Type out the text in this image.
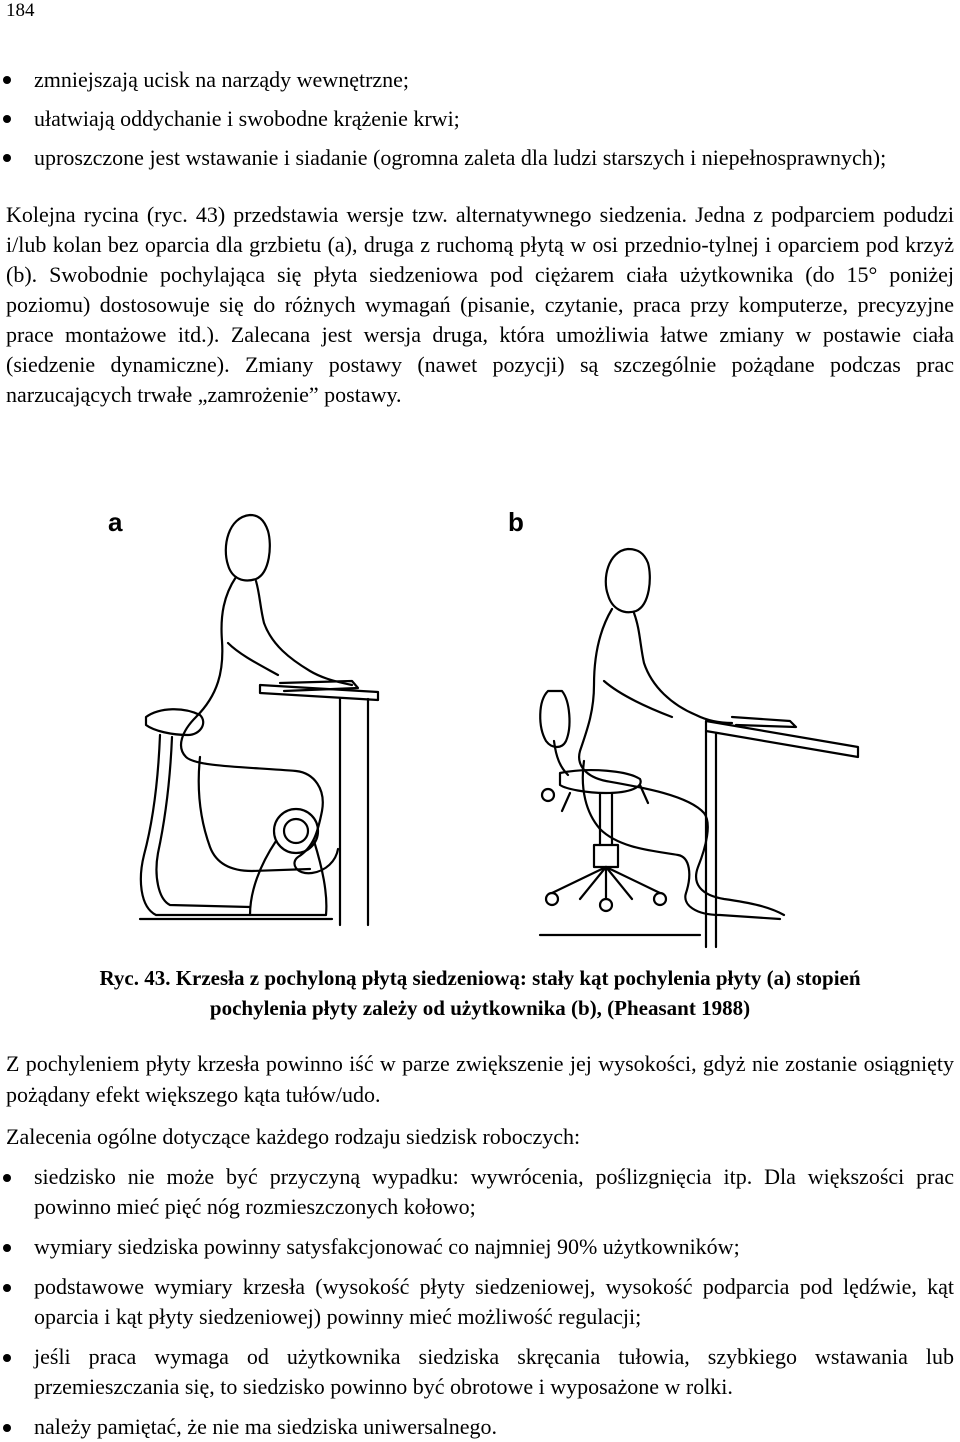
184
zmniejszają ucisk na narządy wewnętrzne;
ułatwiają oddychanie i swobodne krążenie krwi;
uproszczone jest wstawanie i siadanie (ogromna zaleta dla ludzi starszych i niepełnosprawnych);

Kolejna rycina (ryc. 43) przedstawia wersje tzw. alternatywnego siedzenia. Jedna z podparciem podudzi i/lub kolan bez oparcia dla grzbietu (a), druga z ruchomą płytą w osi przednio-tylnej i oparciem pod krzyż (b). Swobodnie pochylająca się płyta siedzeniowa pod ciężarem ciała użytkownika (do 15° poniżej poziomu) dostosowuje się do różnych wymagań (pisanie, czytanie, praca przy komputerze, precyzyjne prace montażowe itd.). Zalecana jest wersja druga, która umożliwia łatwe zmiany w postawie ciała (siedzenie dynamiczne). Zmiany postawy (nawet pozycji) są szczególnie pożądane podczas prac narzucających trwałe „zamrożenie” postawy.

a	b
Ryc. 43. Krzesła z pochyloną płytą siedzeniową: stały kąt pochylenia płyty (a) stopień
pochylenia płyty zależy od użytkownika (b), (Pheasant 1988)

Z pochyleniem płyty krzesła powinno iść w parze zwiększenie jej wysokości, gdyż nie zostanie osiągnięty pożądany efekt większego kąta tułów/udo.

Zalecenia ogólne dotyczące każdego rodzaju siedzisk roboczych:

siedzisko nie może być przyczyną wypadku: wywrócenia, poślizgnięcia itp. Dla większości prac powinno mieć pięć nóg rozmieszczonych kołowo;
wymiary siedziska powinny satysfakcjonować co najmniej 90% użytkowników;
podstawowe wymiary krzesła (wysokość płyty siedzeniowej, wysokość podparcia pod lędźwie, kąt oparcia i kąt płyty siedzeniowej) powinny mieć możliwość regulacji;
jeśli praca wymaga od użytkownika siedziska skręcania tułowia, szybkiego wstawania lub przemieszczania się, to siedzisko powinno być obrotowe i wyposażone w rolki.
należy pamiętać, że nie ma siedziska uniwersalnego.
